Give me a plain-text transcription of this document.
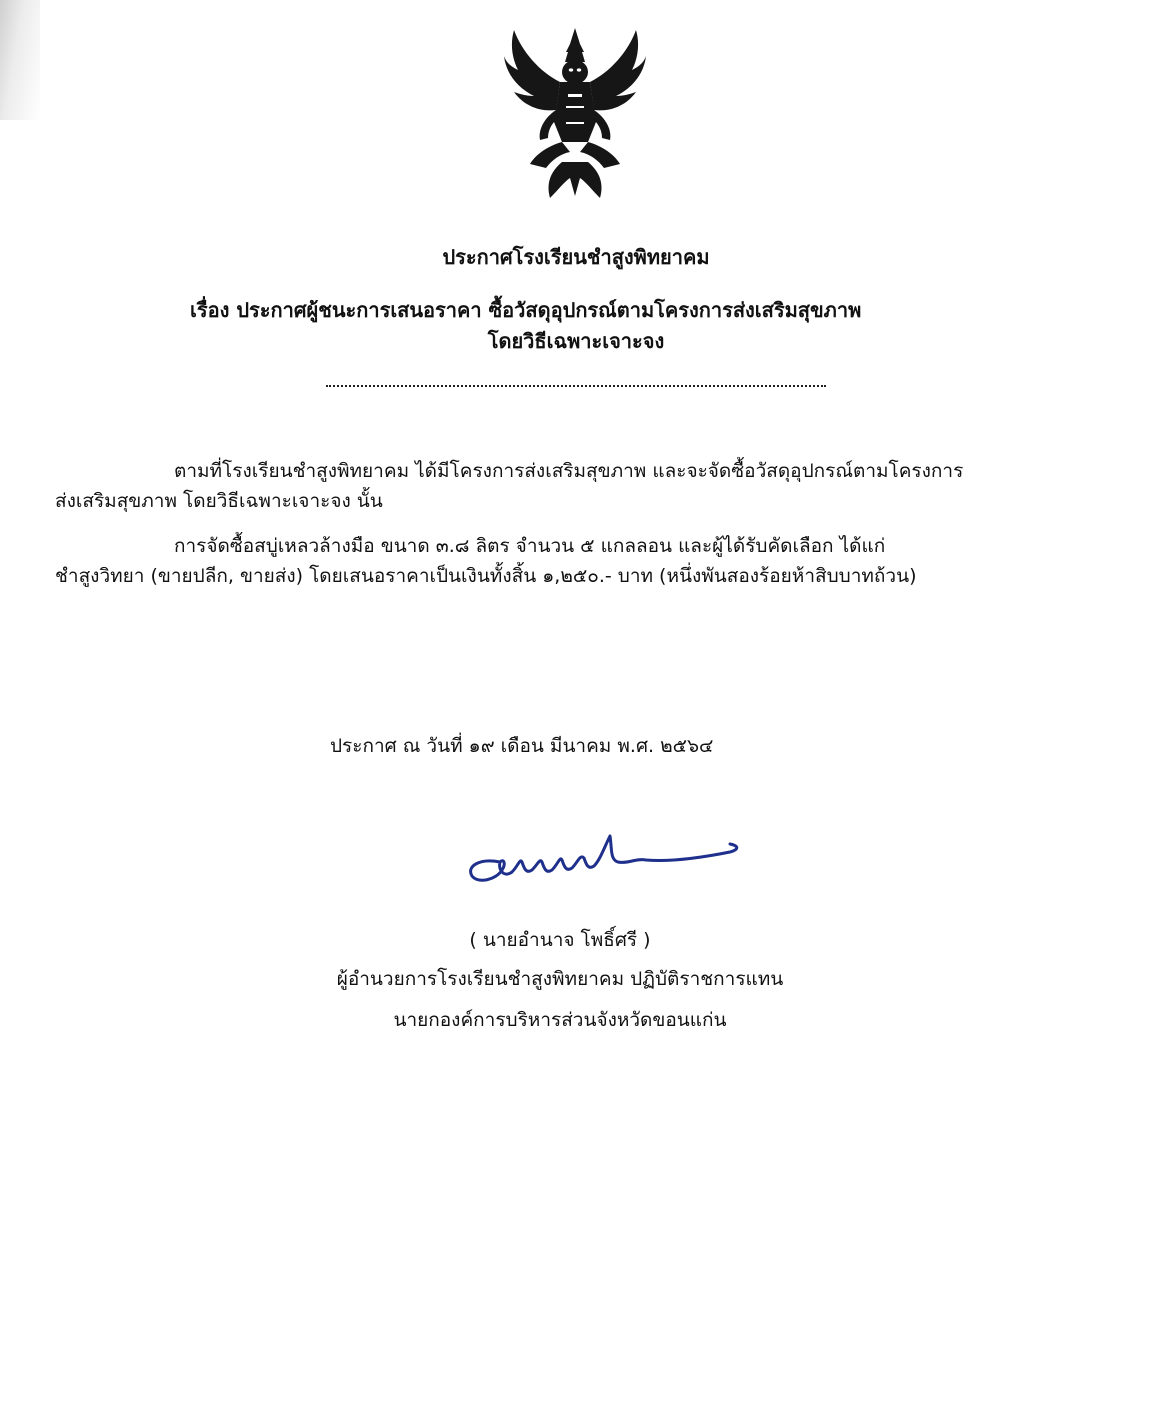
ประกาศโรงเรียนชำสูงพิทยาคม
เรื่อง ประกาศผู้ชนะการเสนอราคา ซื้อวัสดุอุปกรณ์ตามโครงการส่งเสริมสุขภาพ
โดยวิธีเฉพาะเจาะจง
ตามที่โรงเรียนชำสูงพิทยาคม ได้มีโครงการส่งเสริมสุขภาพ และจะจัดซื้อวัสดุอุปกรณ์ตามโครงการ
ส่งเสริมสุขภาพ โดยวิธีเฉพาะเจาะจง นั้น
การจัดซื้อสบู่เหลวล้างมือ ขนาด ๓.๘ ลิตร จำนวน ๕ แกลลอน และผู้ได้รับคัดเลือก ได้แก่
ชำสูงวิทยา (ขายปลีก, ขายส่ง) โดยเสนอราคาเป็นเงินทั้งสิ้น ๑,๒๕๐.- บาท (หนึ่งพันสองร้อยห้าสิบบาทถ้วน)
ประกาศ ณ วันที่ ๑๙ เดือน มีนาคม พ.ศ. ๒๕๖๔
( นายอำนาจ โพธิ์ศรี )
ผู้อำนวยการโรงเรียนชำสูงพิทยาคม ปฏิบัติราชการแทน
นายกองค์การบริหารส่วนจังหวัดขอนแก่น
